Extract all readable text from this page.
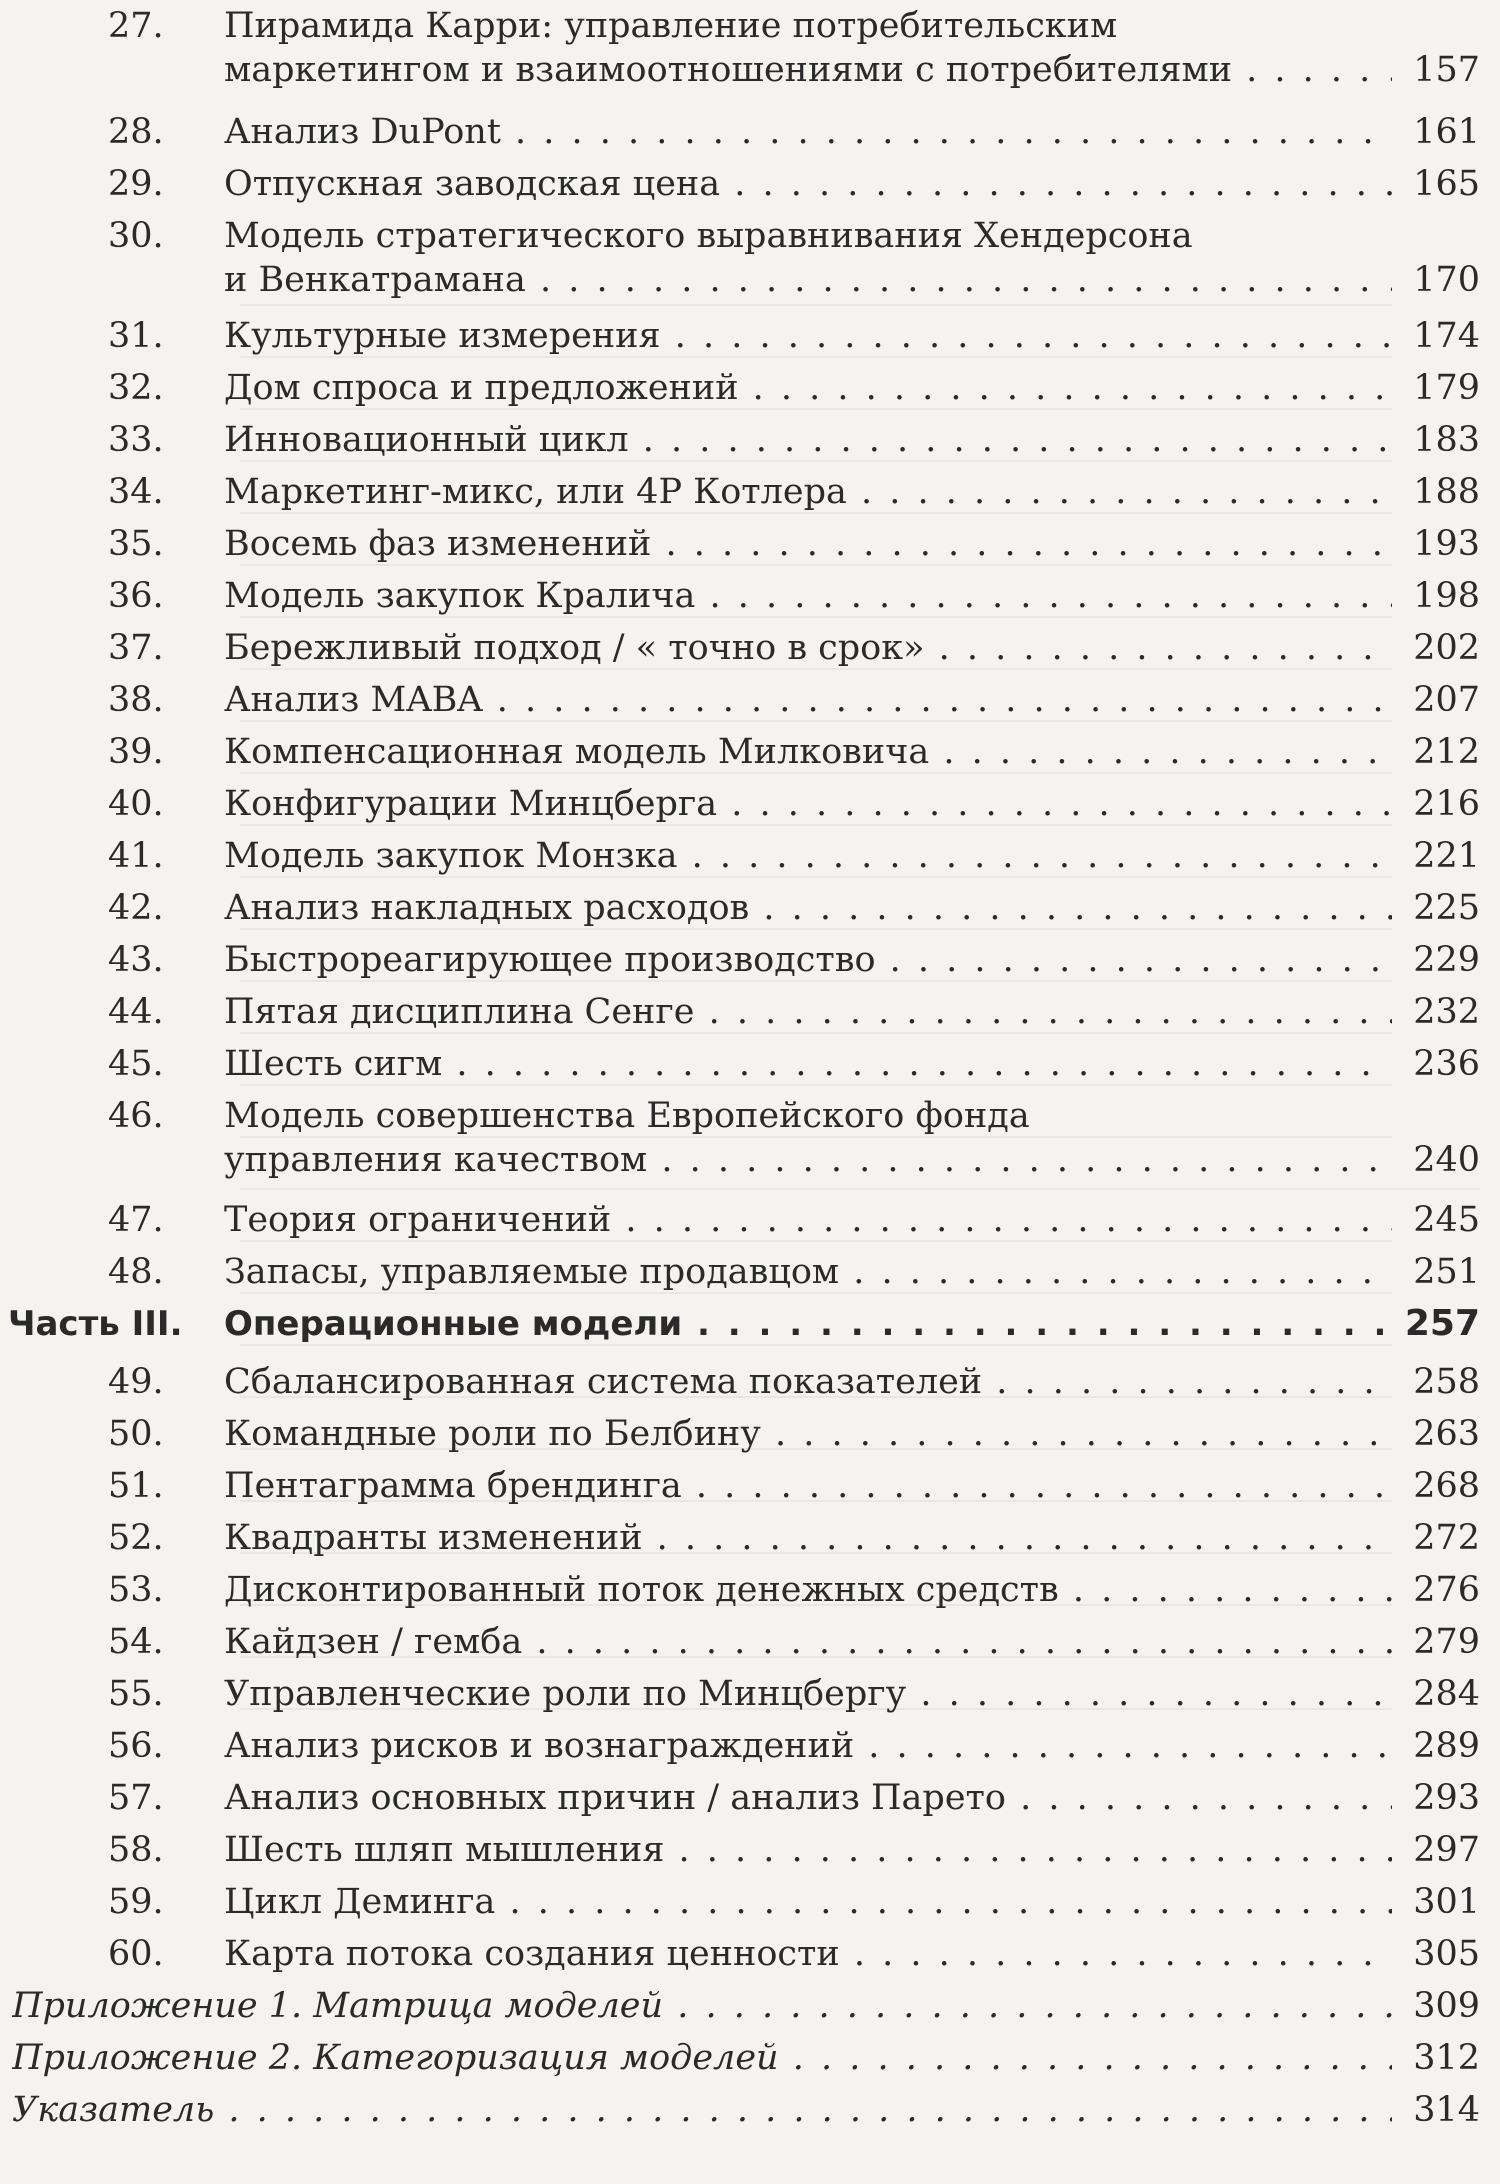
27.	Пирамида Карри: управление потребительским
маркетингом и взаимоотношениями с потребителями . . .	157
28.	Анализ DuPont . . .	161
29.	Отпускная заводская цена . . .	165
30.	Модель стратегического выравнивания Хендерсона
и Венкатрамана . . .	170
31.	Культурные измерения . . .	174
32.	Дом спроса и предложений . . .	179
33.	Инновационный цикл . . .	183
34.	Маркетинг-микс, или 4P Котлера . . .	188
35.	Восемь фаз изменений . . .	193
36.	Модель закупок Кралича . . .	198
37.	Бережливый подход / « точно в срок» . . .	202
38.	Анализ MABA . . .	207
39.	Компенсационная модель Милковича . . .	212
40.	Конфигурации Минцберга . . .	216
41.	Модель закупок Монзка . . .	221
42.	Анализ накладных расходов . . .	225
43.	Быстрореагирующее производство . . .	229
44.	Пятая дисциплина Сенге . . .	232
45.	Шесть сигм . . .	236
46.	Модель совершенства Европейского фонда
управления качеством . . .	240
47.	Теория ограничений . . .	245
48.	Запасы, управляемые продавцом . . .	251
Часть III.	Операционные модели . . .	257
49.	Сбалансированная система показателей . . .	258
50.	Командные роли по Белбину . . .	263
51.	Пентаграмма брендинга . . .	268
52.	Квадранты изменений . . .	272
53.	Дисконтированный поток денежных средств . . .	276
54.	Кайдзен / гемба . . .	279
55.	Управленческие роли по Минцбергу . . .	284
56.	Анализ рисков и вознаграждений . . .	289
57.	Анализ основных причин / анализ Парето . . .	293
58.	Шесть шляп мышления . . .	297
59.	Цикл Деминга . . .	301
60.	Карта потока создания ценности . . .	305
Приложение 1. Матрица моделей . . .	309
Приложение 2. Категоризация моделей . . .	312
Указатель . . .	314
